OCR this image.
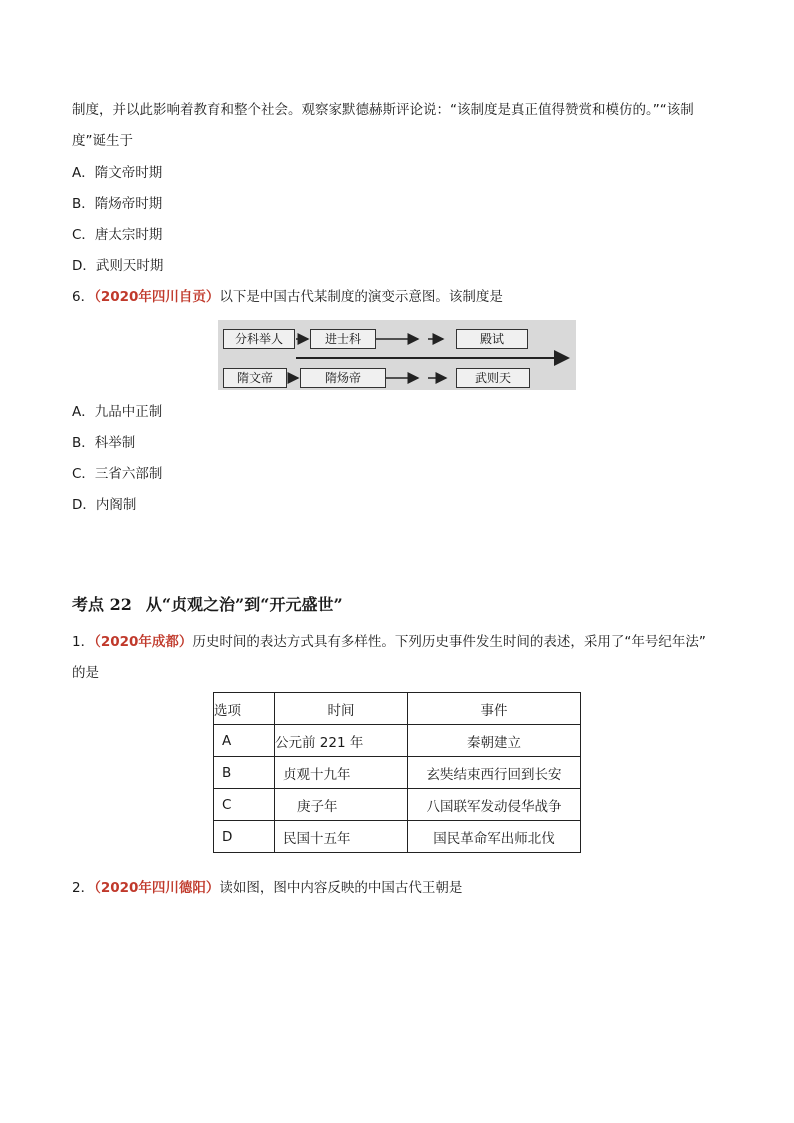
制度，并以此影响着教育和整个社会。观察家默德赫斯评论说：“该制度是真正值得赞赏和模仿的。”“该制
度”诞生于
A．隋文帝时期
B．隋炀帝时期
C．唐太宗时期
D．武则天时期
6．（2020年四川自贡）以下是中国古代某制度的演变示意图。该制度是
分科举人	进士科	殿试
隋文帝	隋炀帝	武则天
A．九品中正制
B．科举制
C．三省六部制
D．内阁制
考点 22 从“贞观之治”到“开元盛世”
1．（2020年成都）历史时间的表达方式具有多样性。下列历史事件发生时间的表述，采用了“年号纪年法”
的是
选项	时间	事件
A	公元前 221 年	秦朝建立
B	贞观十九年	玄奘结束西行回到长安
C	庚子年	八国联军发动侵华战争
D	民国十五年	国民革命军出师北伐
2．（2020年四川德阳）读如图，图中内容反映的中国古代王朝是
